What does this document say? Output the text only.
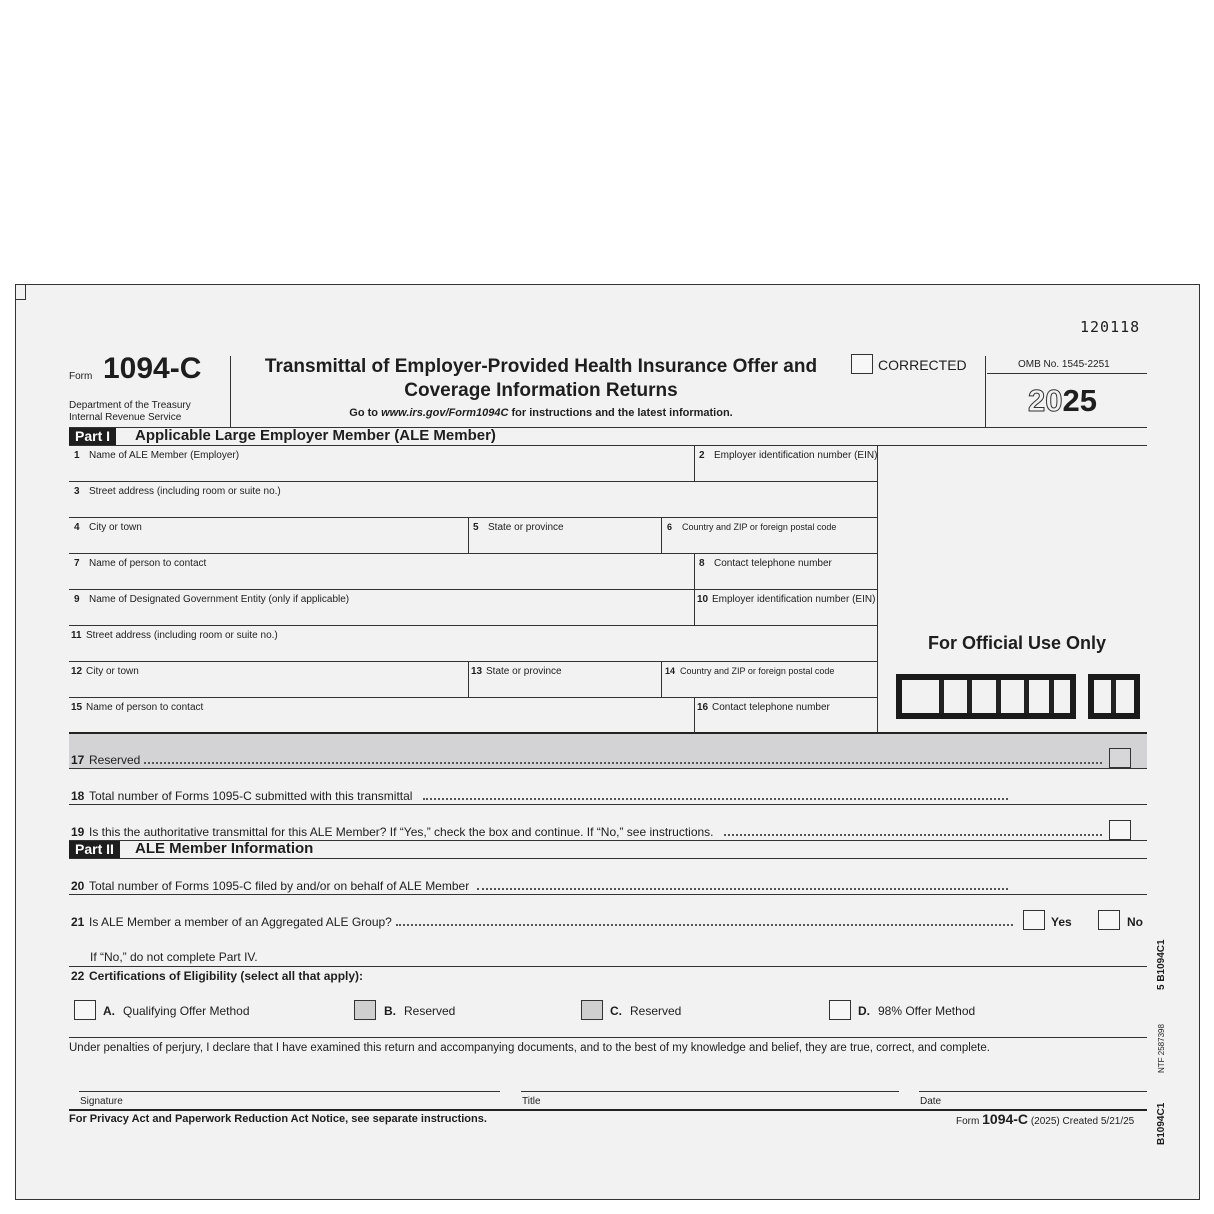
120118
Form 1094-C
Department of the Treasury
Internal Revenue Service
Transmittal of Employer-Provided Health Insurance Offer and
Coverage Information Returns
Go to www.irs.gov/Form1094C for instructions and the latest information.
CORRECTED	OMB No. 1545-2251
2025
Part I	Applicable Large Employer Member (ALE Member)
1 Name of ALE Member (Employer)	2 Employer identification number (EIN)
3 Street address (including room or suite no.)
4 City or town	5 State or province	6 Country and ZIP or foreign postal code
7 Name of person to contact	8 Contact telephone number
9 Name of Designated Government Entity (only if applicable)	10 Employer identification number (EIN)
11 Street address (including room or suite no.)
12 City or town	13 State or province	14 Country and ZIP or foreign postal code
15 Name of person to contact	16 Contact telephone number
For Official Use Only
17 Reserved
18 Total number of Forms 1095-C submitted with this transmittal
19 Is this the authoritative transmittal for this ALE Member? If “Yes,” check the box and continue. If “No,” see instructions.
Part II	ALE Member Information
20 Total number of Forms 1095-C filed by and/or on behalf of ALE Member
21 Is ALE Member a member of an Aggregated ALE Group?	Yes	No
If “No,” do not complete Part IV.
22 Certifications of Eligibility (select all that apply):
A. Qualifying Offer Method	B. Reserved	C. Reserved	D. 98% Offer Method
Under penalties of perjury, I declare that I have examined this return and accompanying documents, and to the best of my knowledge and belief, they are true, correct, and complete.
Signature	Title	Date
For Privacy Act and Paperwork Reduction Act Notice, see separate instructions.	Form 1094-C (2025) Created 5/21/25
5 B1094C1
NTF 2587398
B1094C1
